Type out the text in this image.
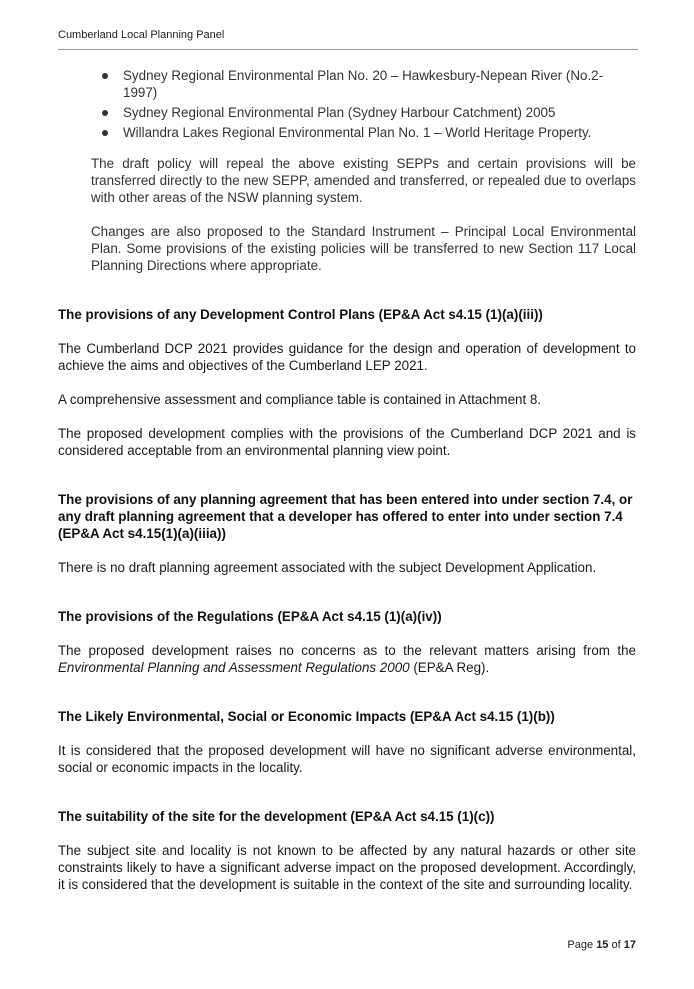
Cumberland Local Planning Panel
Sydney Regional Environmental Plan No. 20 – Hawkesbury-Nepean River (No.2-1997)
Sydney Regional Environmental Plan (Sydney Harbour Catchment) 2005
Willandra Lakes Regional Environmental Plan No. 1 – World Heritage Property.

The draft policy will repeal the above existing SEPPs and certain provisions will be transferred directly to the new SEPP, amended and transferred, or repealed due to overlaps with other areas of the NSW planning system.

Changes are also proposed to the Standard Instrument – Principal Local Environmental Plan. Some provisions of the existing policies will be transferred to new Section 117 Local Planning Directions where appropriate.

The provisions of any Development Control Plans (EP&A Act s4.15 (1)(a)(iii))

The Cumberland DCP 2021 provides guidance for the design and operation of development to achieve the aims and objectives of the Cumberland LEP 2021.

A comprehensive assessment and compliance table is contained in Attachment 8.

The proposed development complies with the provisions of the Cumberland DCP 2021 and is considered acceptable from an environmental planning view point.

The provisions of any planning agreement that has been entered into under section 7.4, or any draft planning agreement that a developer has offered to enter into under section 7.4 (EP&A Act s4.15(1)(a)(iiia))

There is no draft planning agreement associated with the subject Development Application.

The provisions of the Regulations (EP&A Act s4.15 (1)(a)(iv))

The proposed development raises no concerns as to the relevant matters arising from the Environmental Planning and Assessment Regulations 2000 (EP&A Reg).

The Likely Environmental, Social or Economic Impacts (EP&A Act s4.15 (1)(b))

It is considered that the proposed development will have no significant adverse environmental, social or economic impacts in the locality.

The suitability of the site for the development (EP&A Act s4.15 (1)(c))

The subject site and locality is not known to be affected by any natural hazards or other site constraints likely to have a significant adverse impact on the proposed development. Accordingly, it is considered that the development is suitable in the context of the site and surrounding locality.

Page 15 of 17
